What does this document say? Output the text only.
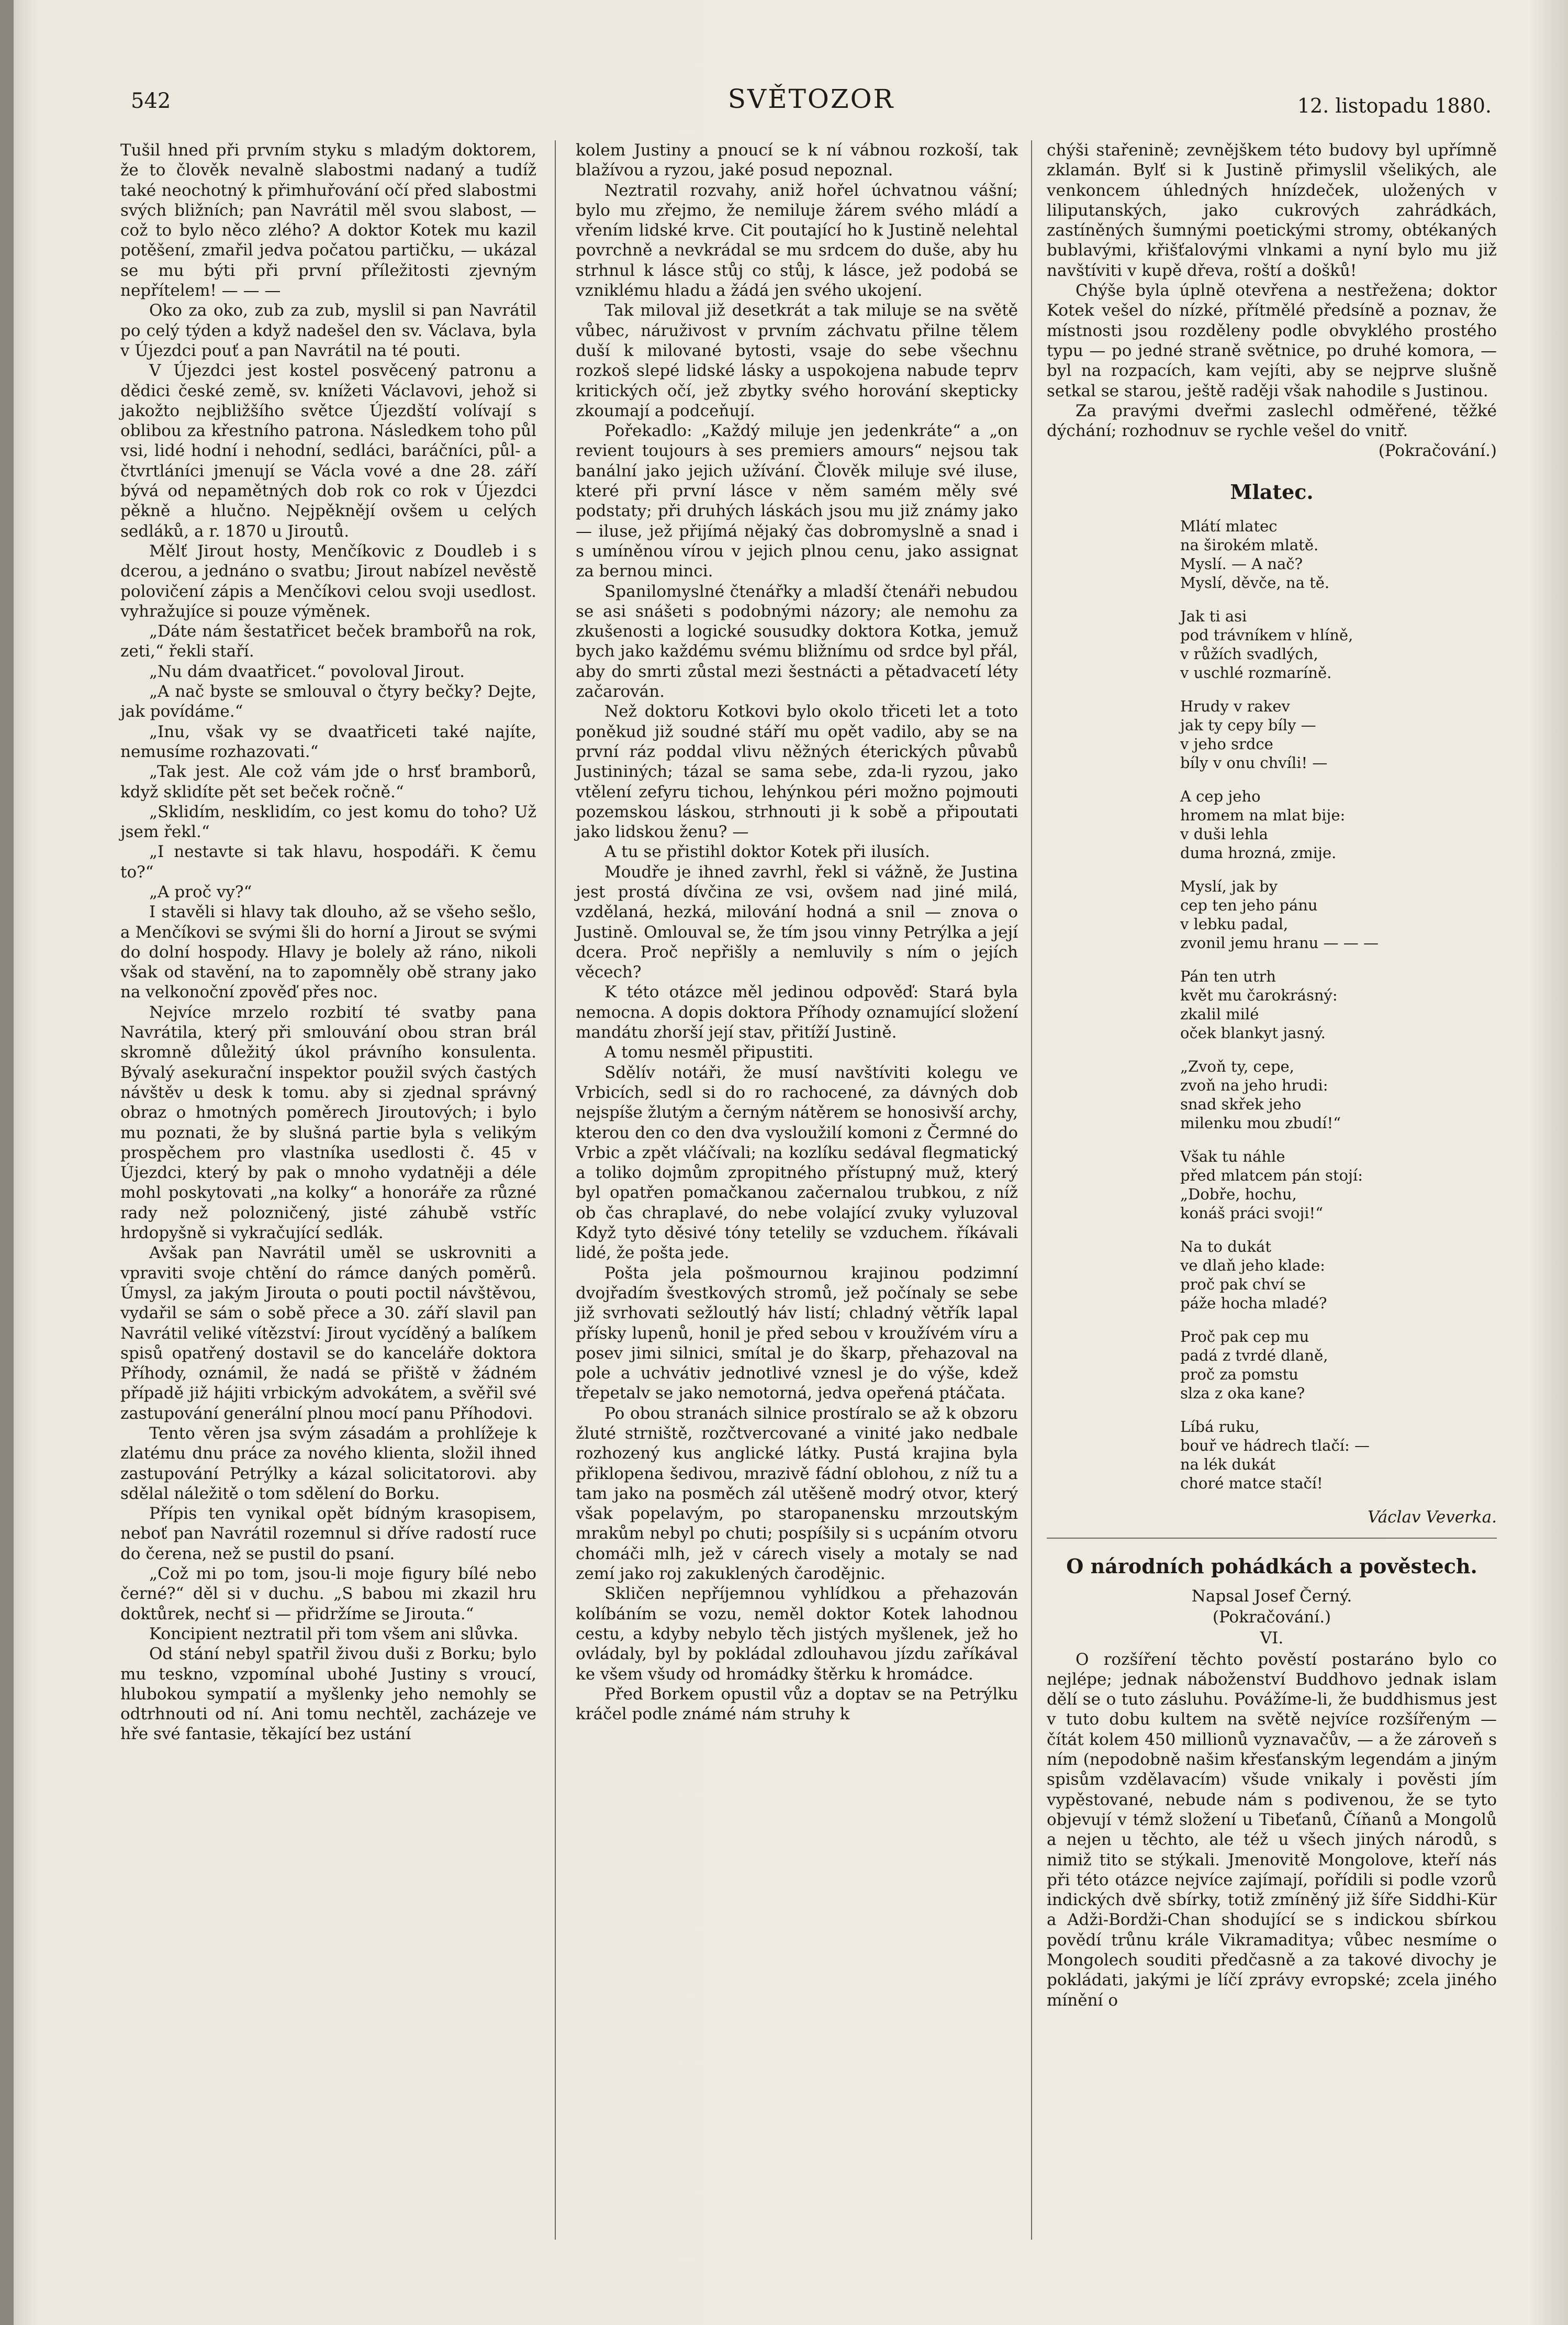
542	SVĚTOZOR	12. listopadu 1880.

Tušil hned při prvním styku s mladým doktorem, že to člověk nevalně slabostmi nadaný a tudíž také neochotný k přimhuřování očí před slabostmi svých bližních; pan Navrátil měl svou slabost, — což to bylo něco zlého? A doktor Kotek mu kazil potěšení, zmařil jedva počatou partičku, — ukázal se mu býti při první příležitosti zjevným nepřítelem! — — —

Oko za oko, zub za zub, myslil si pan Navrátil po celý týden a když nadešel den sv. Václava, byla v Újezdci pouť a pan Navrátil na té pouti.

V Újezdci jest kostel posvěcený patronu a dědici české země, sv. knížeti Václavovi, jehož si jakožto nejbližšího světce Újezdští volívají s oblibou za křestního patrona. Následkem toho půl vsi, lidé hodní i nehodní, sedláci, baráčníci, půl- a čtvrtláníci jmenují se Václa vové a dne 28. září bývá od nepamětných dob rok co rok v Újezdci pěkně a hlučno. Nejpěknějí ovšem u celých sedláků, a r. 1870 u Jiroutů.

Mělť Jirout hosty, Menčíkovic z Doudleb i s dcerou, a jednáno o svatbu; Jirout nabízel nevěstě polovičení zápis a Menčíkovi celou svoji usedlost. vyhražujíce si pouze výměnek.

„Dáte nám šestatřicet beček brambořů na rok, zeti,“ řekli staří.

„Nu dám dvaatřicet.“ povoloval Jirout.

„A nač byste se smlouval o čtyry bečky? Dejte, jak povídáme.“

„Inu, však vy se dvaatřiceti také najíte, nemusíme rozhazovati.“

„Tak jest. Ale což vám jde o hrsť bramborů, když sklidíte pět set beček ročně.“

„Sklidím, nesklidím, co jest komu do toho? Už jsem řekl.“

„I nestavte si tak hlavu, hospodáři. K čemu to?“

„A proč vy?“

I stavěli si hlavy tak dlouho, až se všeho sešlo, a Menčíkovi se svými šli do horní a Jirout se svými do dolní hospody. Hlavy je bolely až ráno, nikoli však od stavění, na to zapomněly obě strany jako na velkonoční zpověď přes noc.

Nejvíce mrzelo rozbití té svatby pana Navrátila, který při smlouvání obou stran brál skromně důležitý úkol právního konsulenta. Bývalý asekurační inspektor použil svých častých návštěv u desk k tomu. aby si zjednal správný obraz o hmotných poměrech Jiroutových; i bylo mu poznati, že by slušná partie byla s velikým prospěchem pro vlastníka usedlosti č. 45 v Újezdci, který by pak o mnoho vydatněji a déle mohl poskytovati „na kolky“ a honoráře za různé rady než polozničený, jisté záhubě vstříc hrdopyšně si vykračující sedlák.

Avšak pan Navrátil uměl se uskrovniti a vpraviti svoje chtění do rámce daných poměrů. Úmysl, za jakým Jirouta o pouti poctil návštěvou, vydařil se sám o sobě přece a 30. září slavil pan Navrátil veliké vítězství: Jirout vycíděný a balíkem spisů opatřený dostavil se do kanceláře doktora Příhody, oznámil, že nadá se přiště v žádném případě již hájiti vrbickým advokátem, a svěřil své zastupování generální plnou mocí panu Příhodovi.

Tento věren jsa svým zásadám a prohlížeje k zlatému dnu práce za nového klienta, složil ihned zastupování Petrýlky a kázal solicitatorovi. aby sdělal náležitě o tom sdělení do Borku.

Přípis ten vynikal opět bídným krasopisem, neboť pan Navrátil rozemnul si dříve radostí ruce do čerena, než se pustil do psaní.

„Což mi po tom, jsou-li moje figury bílé nebo černé?“ děl si v duchu. „S babou mi zkazil hru doktůrek, nechť si — přidržíme se Jirouta.“

Koncipient neztratil při tom všem ani slůvka.

Od stání nebyl spatřil živou duši z Borku; bylo mu teskno, vzpomínal ubohé Justiny s vroucí, hlubokou sympatií a myšlenky jeho nemohly se odtrhnouti od ní. Ani tomu nechtěl, zacházeje ve hře své fantasie, těkající bez ustání

kolem Justiny a pnoucí se k ní vábnou rozkoší, tak blažívou a ryzou, jaké posud nepoznal.

Neztratil rozvahy, aniž hořel úchvatnou vášní; bylo mu zřejmo, že nemiluje žárem svého mládí a vřením lidské krve. Cit poutající ho k Justině nelehtal povrchně a nevkrádal se mu srdcem do duše, aby hu strhnul k lásce stůj co stůj, k lásce, jež podobá se vzniklému hladu a žádá jen svého ukojení.

Tak miloval již desetkrát a tak miluje se na světě vůbec, náruživost v prvním záchvatu přilne tělem duší k milované bytosti, vsaje do sebe všechnu rozkoš slepé lidské lásky a uspokojena nabude teprv kritických očí, jež zbytky svého horování skepticky zkoumají a podceňují.

Pořekadlo: „Každý miluje jen jedenkráte“ a „on revient toujours à ses premiers amours“ nejsou tak banální jako jejich užívání. Člověk miluje své iluse, které při první lásce v něm samém měly své podstaty; při druhých láskách jsou mu již známy jako — iluse, jež přijímá nějaký čas dobromyslně a snad i s umíněnou vírou v jejich plnou cenu, jako assignat za bernou minci.

Spanilomyslné čtenářky a mladší čtenáři nebudou se asi snášeti s podobnými názory; ale nemohu za zkušenosti a logické sousudky doktora Kotka, jemuž bych jako každému svému bližnímu od srdce byl přál, aby do smrti zůstal mezi šestnácti a pětadvacetí léty začarován.

Než doktoru Kotkovi bylo okolo třiceti let a toto poněkud již soudné stáří mu opět vadilo, aby se na první ráz poddal vlivu něžných éterických půvabů Justininých; tázal se sama sebe, zda-li ryzou, jako vtělení zefyru tichou, lehýnkou péri možno pojmouti pozemskou láskou, strhnouti ji k sobě a připoutati jako lidskou ženu? —

A tu se přistihl doktor Kotek při ilusích.

Moudře je ihned zavrhl, řekl si vážně, že Justina jest prostá dívčina ze vsi, ovšem nad jiné milá, vzdělaná, hezká, milování hodná a snil — znova o Justině. Omlouval se, že tím jsou vinny Petrýlka a její dcera. Proč nepřišly a nemluvily s ním o jejích věcech?

K této otázce měl jedinou odpověď: Stará byla nemocna. A dopis doktora Příhody oznamující složení mandátu zhorší její stav, přitíží Justině.

A tomu nesměl připustiti.

Sdělív notáři, že musí navštíviti kolegu ve Vrbicích, sedl si do ro rachocené, za dávných dob nejspíše žlutým a černým nátěrem se honosivší archy, kterou den co den dva vysloužilí komoni z Čermné do Vrbic a zpět vláčívali; na kozlíku sedával flegmatický a toliko dojmům zpropitného přístupný muž, který byl opatřen pomačkanou začernalou trubkou, z níž ob čas chraplavé, do nebe volající zvuky vyluzoval Když tyto děsivé tóny tetelily se vzduchem. říkávali lidé, že pošta jede.

Pošta jela pošmournou krajinou podzimní dvojřadím švestkových stromů, jež počínaly se sebe již svrhovati sežloutlý háv listí; chladný větřík lapal přísky lupenů, honil je před sebou v kroužívém víru a posev jimi silnici, smítal je do škarp, přehazoval na pole a uchvátiv jednotlivé vznesl je do výše, kdež třepetalv se jako nemotorná, jedva opeřená ptáčata.

Po obou stranách silnice prostíralo se až k obzoru žluté strniště, rozčtvercované a vinité jako nedbale rozhozený kus anglické látky. Pustá krajina byla přiklopena šedivou, mrazivě fádní oblohou, z níž tu a tam jako na posměch zál utěšeně modrý otvor, který však popelavým, po staropanensku mrzoutským mrakům nebyl po chuti; pospíšily si s ucpáním otvoru chomáči mlh, jež v cárech visely a motaly se nad zemí jako roj zakuklených čarodějnic.

Skličen nepříjemnou vyhlídkou a přehazován kolíbáním se vozu, neměl doktor Kotek lahodnou cestu, a kdyby nebylo těch jistých myšlenek, jež ho ovládaly, byl by pokládal zdlouhavou jízdu zaříkával ke všem všudy od hromádky štěrku k hromádce.

Před Borkem opustil vůz a doptav se na Petrýlku kráčel podle známé nám struhy k

chýši stařenině; zevnějškem této budovy byl upřímně zklamán. Bylť si k Justině přimyslil všelikých, ale venkoncem úhledných hnízdeček, uložených v liliputanských, jako cukrových zahrádkách, zastíněných šumnými poetickými stromy, obtékaných bublavými, křišťalovými vlnkami a nyní bylo mu již navštíviti v kupě dřeva, roští a došků!

Chýše byla úplně otevřena a nestřežena; doktor Kotek vešel do nízké, přítmělé předsíně a poznav, že místnosti jsou rozděleny podle obvyklého prostého typu — po jedné straně světnice, po druhé komora, — byl na rozpacích, kam vejíti, aby se nejprve slušně setkal se starou, ještě raději však nahodile s Justinou.

Za pravými dveřmi zaslechl odměřené, těžké dýchání; rozhodnuv se rychle vešel do vnitř.

(Pokračování.)

Mlatec.
Mlátí mlatec
na širokém mlatě.
Myslí. — A nač?
Myslí, děvče, na tě.
Jak ti asi
pod trávníkem v hlíně,
v růžích svadlých,
v uschlé rozmaríně.
Hrudy v rakev
jak ty cepy bíly —
v jeho srdce
bíly v onu chvíli! —
A cep jeho
hromem na mlat bije:
v duši lehla
duma hrozná, zmije.
Myslí, jak by
cep ten jeho pánu
v lebku padal,
zvonil jemu hranu — — —
Pán ten utrh
květ mu čarokrásný:
zkalil milé
oček blankyt jasný.
„Zvoň ty, cepe,
zvoň na jeho hrudi:
snad skřek jeho
milenku mou zbudí!“
Však tu náhle
před mlatcem pán stojí:
„Dobře, hochu,
konáš práci svoji!“
Na to dukát
ve dlaň jeho klade:
proč pak chví se
páže hocha mladé?
Proč pak cep mu
padá z tvrdé dlaně,
proč za pomstu
slza z oka kane?
Líbá ruku,
bouř ve hádrech tlačí: —
na lék dukát
choré matce stačí!
Václav Veverka.
O národních pohádkách a pověstech.
Napsal Josef Černý.
(Pokračování.)
VI.

O rozšíření těchto pověstí postaráno bylo co nejlépe; jednak náboženství Buddhovo jednak islam dělí se o tuto zásluhu. Povážíme-li, že buddhismus jest v tuto dobu kultem na světě nejvíce rozšířeným — čítát kolem 450 millionů vyznavačův, — a že zároveň s ním (nepodobně našim křesťanským legendám a jiným spisům vzdělavacím) všude vnikaly i pověsti jím vypěstované, nebude nám s podivenou, že se tyto objevují v témž složení u Tibeťanů, Číňanů a Mongolů a nejen u těchto, ale též u všech jiných národů, s nimiž tito se stýkali. Jmenovitě Mongolove, kteří nás při této otázce nejvíce zajímají, pořídili si podle vzorů indických dvě sbírky, totiž zmíněný již šíře Siddhi-Kür a Adži-Bordži-Chan shodující se s indickou sbírkou povědí trůnu krále Vikramaditya; vůbec nesmíme o Mongolech souditi předčasně a za takové divochy je pokládati, jakými je líčí zprávy evropské; zcela jiného mínění o
